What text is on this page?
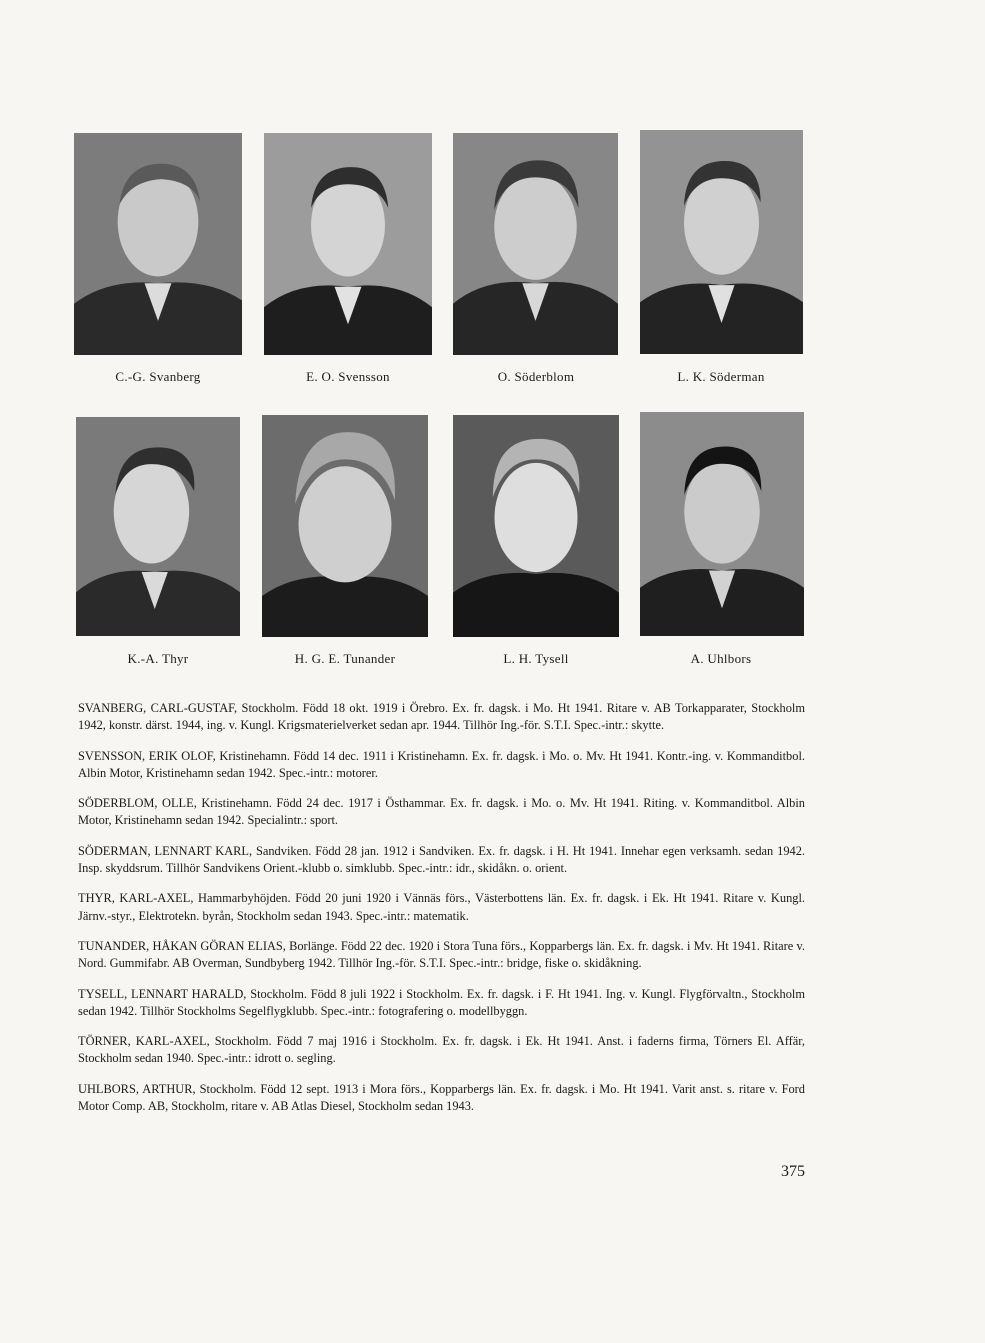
C.-G. Svanberg	E. O. Svensson	O. Söderblom	L. K. Söderman
K.-A. Thyr	H. G. E. Tunander	L. H. Tysell	A. Uhlbors

SVANBERG, CARL-GUSTAF, Stockholm. Född 18 okt. 1919 i Örebro. Ex. fr. dagsk. i Mo. Ht 1941. Ritare v. AB Torkapparater, Stockholm 1942, konstr. därst. 1944, ing. v. Kungl. Krigsmaterielverket sedan apr. 1944. Tillhör Ing.-för. S.T.I. Spec.-intr.: skytte.

SVENSSON, ERIK OLOF, Kristinehamn. Född 14 dec. 1911 i Kristinehamn. Ex. fr. dagsk. i Mo. o. Mv. Ht 1941. Kontr.-ing. v. Kommanditbol. Albin Motor, Kristinehamn sedan 1942. Spec.-intr.: motorer.

SÖDERBLOM, OLLE, Kristinehamn. Född 24 dec. 1917 i Östhammar. Ex. fr. dagsk. i Mo. o. Mv. Ht 1941. Riting. v. Kommanditbol. Albin Motor, Kristinehamn sedan 1942. Specialintr.: sport.

SÖDERMAN, LENNART KARL, Sandviken. Född 28 jan. 1912 i Sandviken. Ex. fr. dagsk. i H. Ht 1941. Innehar egen verksamh. sedan 1942. Insp. skyddsrum. Tillhör Sandvikens Orient.-klubb o. simklubb. Spec.-intr.: idr., skidåkn. o. orient.

THYR, KARL-AXEL, Hammarbyhöjden. Född 20 juni 1920 i Vännäs förs., Västerbottens län. Ex. fr. dagsk. i Ek. Ht 1941. Ritare v. Kungl. Järnv.-styr., Elektrotekn. byrån, Stockholm sedan 1943. Spec.-intr.: matematik.

TUNANDER, HÅKAN GÖRAN ELIAS, Borlänge. Född 22 dec. 1920 i Stora Tuna förs., Kopparbergs län. Ex. fr. dagsk. i Mv. Ht 1941. Ritare v. Nord. Gummifabr. AB Overman, Sundbyberg 1942. Tillhör Ing.-för. S.T.I. Spec.-intr.: bridge, fiske o. skidåkning.

TYSELL, LENNART HARALD, Stockholm. Född 8 juli 1922 i Stockholm. Ex. fr. dagsk. i F. Ht 1941. Ing. v. Kungl. Flygförvaltn., Stockholm sedan 1942. Tillhör Stockholms Segelflygklubb. Spec.-intr.: fotografering o. modellbyggn.

TÖRNER, KARL-AXEL, Stockholm. Född 7 maj 1916 i Stockholm. Ex. fr. dagsk. i Ek. Ht 1941. Anst. i faderns firma, Törners El. Affär, Stockholm sedan 1940. Spec.-intr.: idrott o. segling.

UHLBORS, ARTHUR, Stockholm. Född 12 sept. 1913 i Mora förs., Kopparbergs län. Ex. fr. dagsk. i Mo. Ht 1941. Varit anst. s. ritare v. Ford Motor Comp. AB, Stockholm, ritare v. AB Atlas Diesel, Stockholm sedan 1943.

375
